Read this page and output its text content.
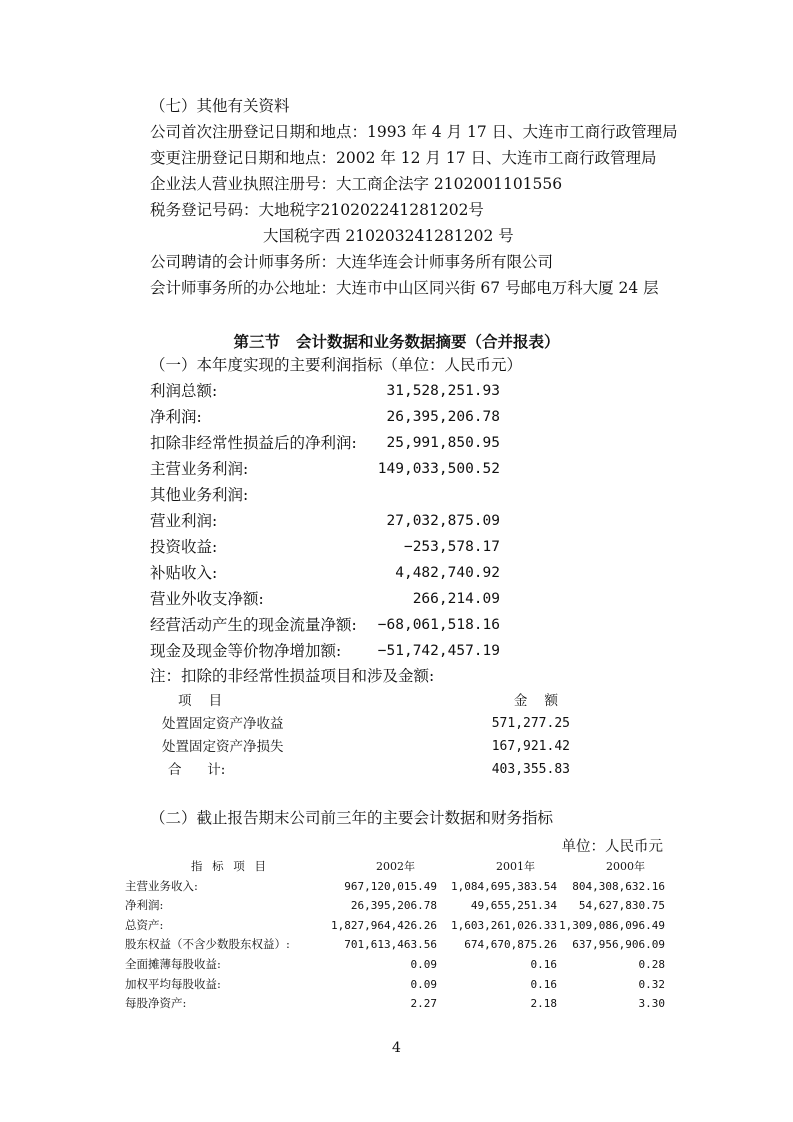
（七）其他有关资料
公司首次注册登记日期和地点：1993 年 4 月 17 日、大连市工商行政管理局
变更注册登记日期和地点：2002 年 12 月 17 日、大连市工商行政管理局
企业法人营业执照注册号：大工商企法字 2102001101556
税务登记号码：大地税字210202241281202号
大国税字西 210203241281202 号
公司聘请的会计师事务所：大连华连会计师事务所有限公司
会计师事务所的办公地址：大连市中山区同兴街 67 号邮电万科大厦 24 层
第三节 会计数据和业务数据摘要（合并报表）
（一）本年度实现的主要利润指标（单位：人民币元）
利润总额:	31,528,251.93
净利润:	26,395,206.78
扣除非经常性损益后的净利润: 25,991,850.95
主营业务利润:	149,033,500.52
其他业务利润:
营业利润:	27,032,875.09
投资收益:	−253,578.17
补贴收入:	4,482,740.92
营业外收支净额:	266,214.09
经营活动产生的现金流量净额: −68,061,518.16
现金及现金等价物净增加额:	−51,742,457.19
注：扣除的非经常性损益项目和涉及金额:
项    目	金    额
处置固定资产净收益	571,277.25
处置固定资产净损失	167,921.42
合      计:	403,355.83
（二）截止报告期末公司前三年的主要会计数据和财务指标
单位：人民币元
指 标 项 目	2002年	2001年	2000年
主营业务收入:	967,120,015.49 1,084,695,383.54 804,308,632.16
净利润:	26,395,206.78	49,655,251.34 54,627,830.75
总资产:	1,827,964,426.26 1,603,261,026.33 1,309,086,096.49
股东权益（不含少数股东权益）:	701,613,463.56 674,670,875.26 637,956,906.09
全面摊薄每股收益:	0.09	0.16	0.28
加权平均每股收益:	0.09	0.16	0.32
每股净资产:	2.27	2.18	3.30
4
